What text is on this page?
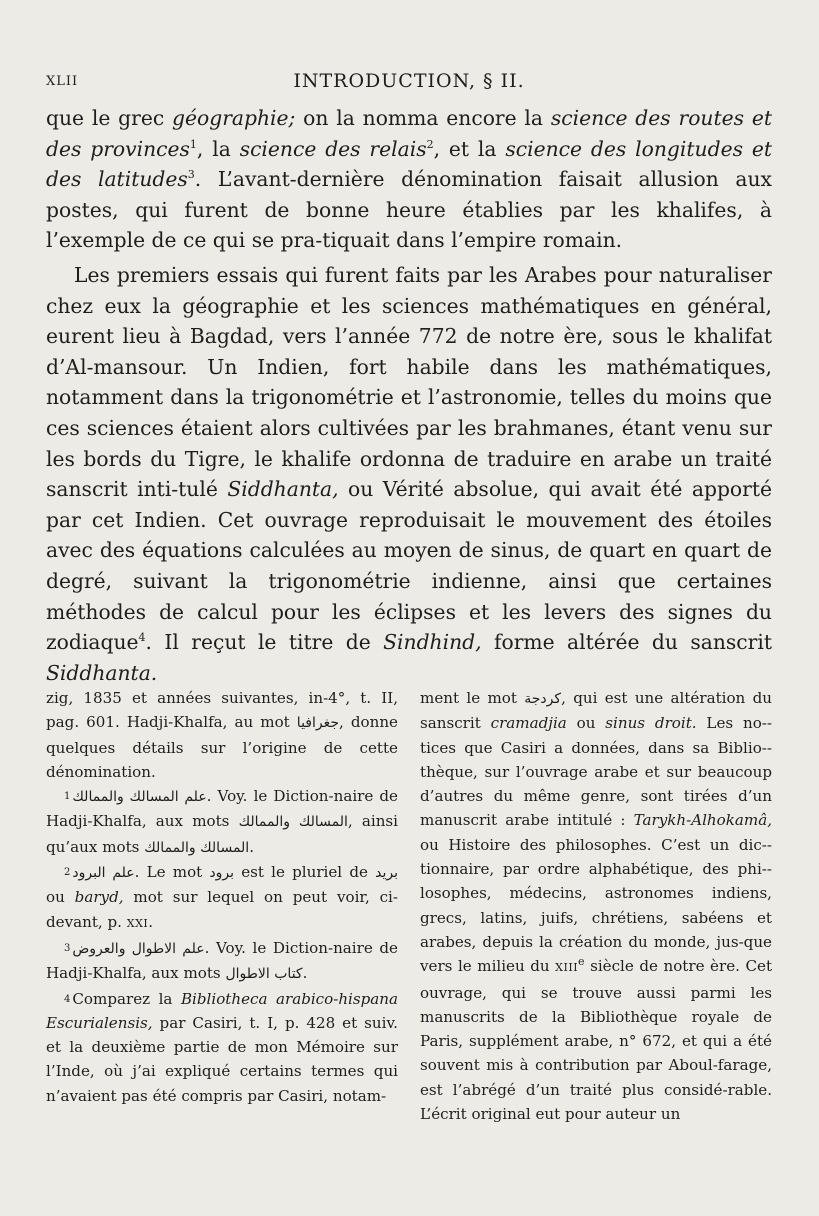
XLII	INTRODUCTION, § II.

que le grec géographie; on la nomma encore la science des routes et des provinces$^1$, la science des relais$^2$, et la science des longitudes et des latitudes$^3$. L’avant-dernière dénomination faisait allusion aux postes, qui furent de bonne heure établies par les khalifes, à l’exemple de ce qui se pra-tiquait dans l’empire romain.

Les premiers essais qui furent faits par les Arabes pour naturaliser chez eux la géographie et les sciences mathématiques en général, eurent lieu à Bagdad, vers l’année 772 de notre ère, sous le khalifat d’Al-mansour. Un Indien, fort habile dans les mathématiques, notamment dans la trigonométrie et l’astronomie, telles du moins que ces sciences étaient alors cultivées par les brahmanes, étant venu sur les bords du Tigre, le khalife ordonna de traduire en arabe un traité sanscrit inti-tulé Siddhanta, ou Vérité absolue, qui avait été apporté par cet Indien. Cet ouvrage reproduisait le mouvement des étoiles avec des équations calculées au moyen de sinus, de quart en quart de degré, suivant la trigonométrie indienne, ainsi que certaines méthodes de calcul pour les éclipses et les levers des signes du zodiaque$^4$. Il reçut le titre de Sindhind, forme altérée du sanscrit Siddhanta.

zig, 1835 et années suivantes, in-4°, t. II, pag. 601. Hadji-Khalfa, au mot جغرافيا, donne quelques détails sur l’origine de cette dénomination.

$^1$ علم المسالك والممالك. Voy. le Diction-naire de Hadji-Khalfa, aux mots المسالك والممالك, ainsi qu’aux mots المسالك والممالك.

$^2$ علم البرود. Le mot برود est le pluriel de بريد ou baryd, mot sur lequel on peut voir, ci-devant, p. XXI.

$^3$ علم الاطوال والعروض. Voy. le Diction-naire de Hadji-Khalfa, aux mots كتاب الاطوال.

$^4$ Comparez la Bibliotheca arabico-hispana Escurialensis, par Casiri, t. I, p. 428 et suiv. et la deuxième partie de mon Mémoire sur l’Inde, où j’ai expliqué certains termes qui n’avaient pas été compris par Casiri, notam-

ment le mot كردجة, qui est une altération du sanscrit cramadjia ou sinus droit. Les no-tices que Casiri a données, dans sa Biblio-thèque, sur l’ouvrage arabe et sur beaucoup d’autres du même genre, sont tirées d’un manuscrit arabe intitulé : Tarykh-Alhokamâ, ou Histoire des philosophes. C’est un dic-tionnaire, par ordre alphabétique, des phi-losophes, médecins, astronomes indiens, grecs, latins, juifs, chrétiens, sabéens et arabes, depuis la création du monde, jus-que vers le milieu du XIIIe siècle de notre ère. Cet ouvrage, qui se trouve aussi parmi les manuscrits de la Bibliothèque royale de Paris, supplément arabe, n° 672, et qui a été souvent mis à contribution par Aboul-farage, est l’abrégé d’un traité plus considé-rable. L’écrit original eut pour auteur un
